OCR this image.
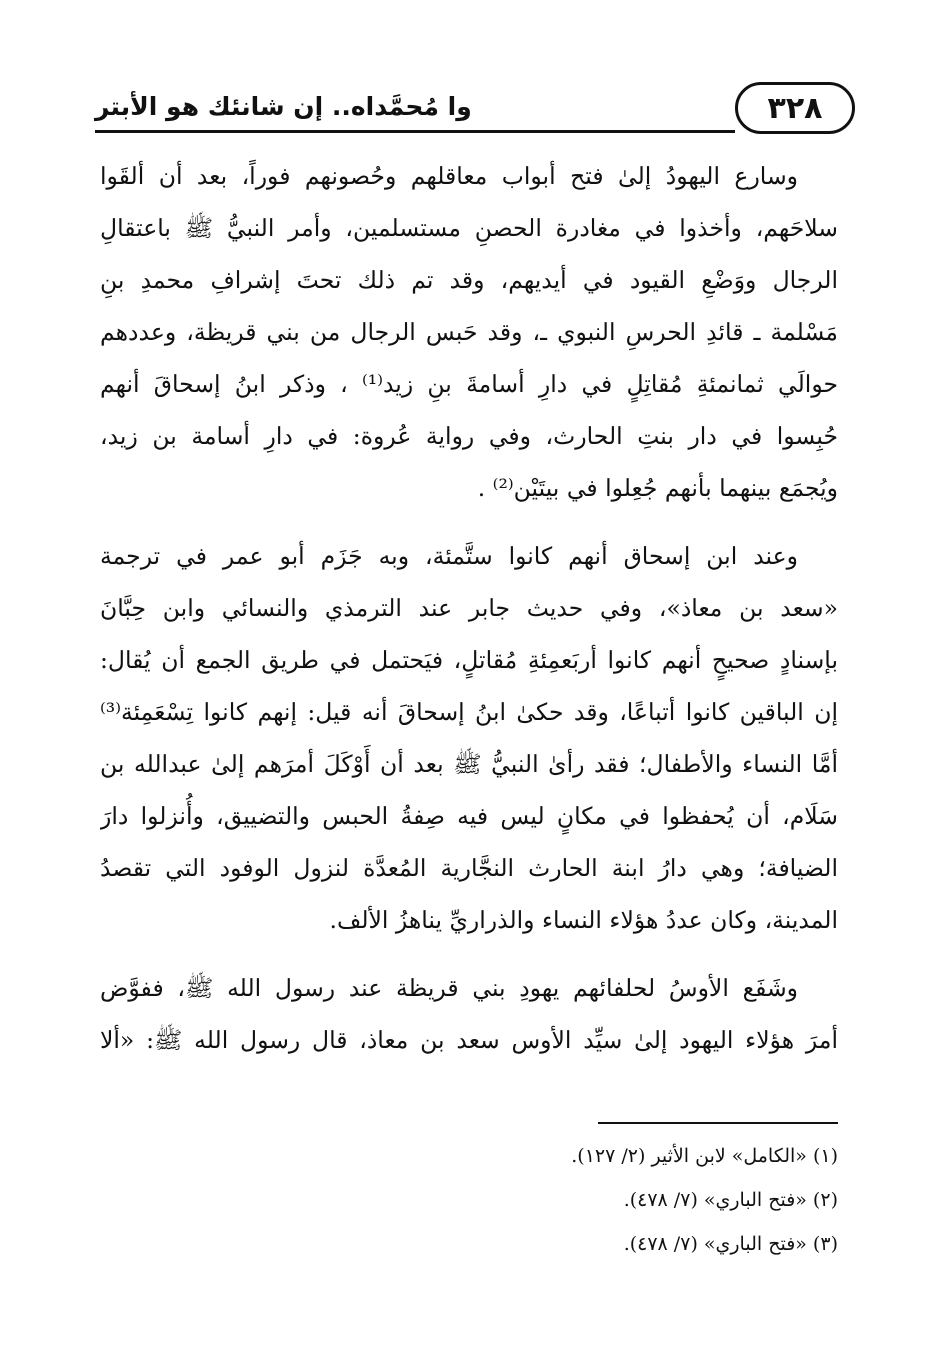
وا مُحمَّداه.. إن شانئك هو الأبتر	٣٢٨
وسارع اليهودُ إلىٰ فتح أبواب معاقلهم وحُصونهم فوراً، بعد أن ألقَوا
سلاحَهم، وأخذوا في مغادرة الحصنِ مستسلمين، وأمر النبيُّ ﷺ باعتقالِ
الرجال ووَضْعِ القيود في أيديهم، وقد تم ذلك تحتَ إشرافِ محمدِ بنِ
مَسْلمة ـ قائدِ الحرسِ النبوي ـ، وقد حَبس الرجال من بني قريظة، وعددهم
حوالَي ثمانمئةِ مُقاتِلٍ في دارِ أسامةَ بنِ زيد⁽¹⁾ ، وذكر ابنُ إسحاقَ أنهم
حُبِسوا في دار بنتِ الحارث، وفي رواية عُروة: في دارِ أسامة بن زيد،
ويُجمَع بينهما بأنهم جُعِلوا في بيتَيْن⁽²⁾ .
وعند ابن إسحاق أنهم كانوا ستَّمئة، وبه جَزَم أبو عمر في ترجمة
«سعد بن معاذ»، وفي حديث جابر عند الترمذي والنسائي وابن حِبَّانَ
بإسنادٍ صحيحٍ أنهم كانوا أربَعمِئةِ مُقاتلٍ، فيَحتمل في طريق الجمع أن يُقال:
إن الباقين كانوا أتباعًا، وقد حكىٰ ابنُ إسحاقَ أنه قيل: إنهم كانوا تِسْعَمِئة⁽³⁾
أمَّا النساء والأطفال؛ فقد رأىٰ النبيُّ ﷺ بعد أن أَوْكَلَ أمرَهم إلىٰ عبدالله بن
سَلَام، أن يُحفظوا في مكانٍ ليس فيه صِفةُ الحبس والتضييق، وأُنزلوا دارَ
الضيافة؛ وهي دارُ ابنة الحارث النجَّارية المُعدَّة لنزول الوفود التي تقصدُ
المدينة، وكان عددُ هؤلاء النساء والذراريِّ يناهزُ الألف.
وشَفَع الأوسُ لحلفائهم يهودِ بني قريظة عند رسول الله ﷺ، ففوَّض
أمرَ هؤلاء اليهود إلىٰ سيِّد الأوس سعد بن معاذ، قال رسول الله ﷺ: «ألا
(١) «الكامل» لابن الأثير (٢/ ١٢٧).
(٢) «فتح الباري» (٧/ ٤٧٨).
(٣) «فتح الباري» (٧/ ٤٧٨).
